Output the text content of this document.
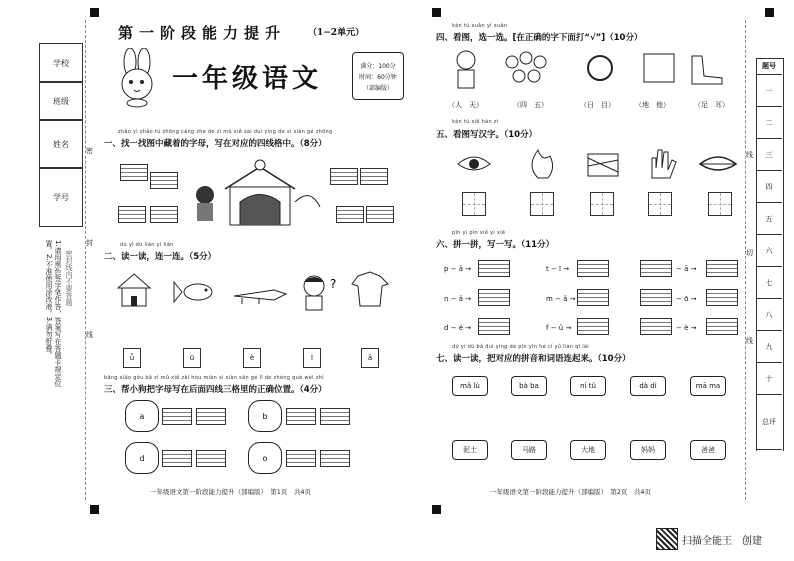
学校
班级
姓名
学号
1.请用黑色签字笔作答，答案写在答题卡规定位置。2.不准使用涂改液。3.请勿折叠。	密封线内不要答题
密
封
线
第一阶段能力提升 （1−2单元）
一年级语文	满分：100分
时间：60分钟
（部编版）
zhǎo yì zhǎo tú zhōng cáng zhe de zì mǔ xiě zài duì yìng de sì xiàn gé zhōng
一、找一找图中藏着的字母，写在对应的四线格中。（8分）
dú yì dú lián yì lián
二、读一读，连一连。（5分）
?
ǖ	ū	è	ī	ǎ
三、帮小狗把字母写在后面四线三格里的正确位置。（4分）
a	b
d	o
bāng xiǎo gǒu bǎ zì mǔ xiě zài hòu miàn sì xiàn sān gé lǐ de zhèng què wèi zhì
一年级语文第一阶段能力提升（部编版）　第1页　共4页
kàn tú xuǎn yì xuǎn
四、看图，选一选。[在正确的字下面打“√”]（10分）
（人　天）	（四　五）	（日　目）	（地　他）	（足　耳）
kàn tú xiě hàn zì
五、看图写汉字。（10分）
pīn yi pīn xiě yi xiě
六、拼一拼，写一写。（11分）
p − ā →	t − ī →	− ā →
n − ǎ →	m − ǎ →	− ō →
d − é →	f − ǔ →	− è →
dú yi dú bǎ duì yìng de pīn yīn hé cí yǔ lián qǐ lái
七、读一读，把对应的拼音和词语连起来。（10分）
mǎ lù	bà ba	ní tǔ	dà dì	mā ma
泥土	马路	大地	妈妈	爸爸
一年级语文第一阶段能力提升（部编版）　第2页　共4页
线
切
线
题号
一
二
三
四
五
六
七
八
九
十
总评
扫描全能王　创建
